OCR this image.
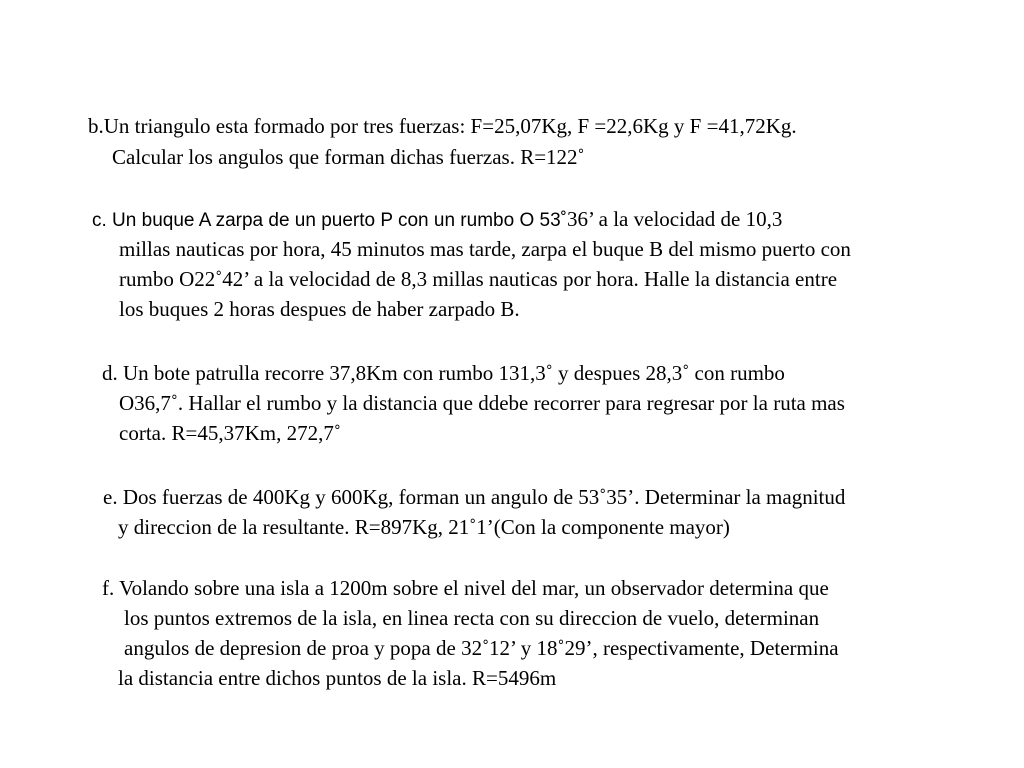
b.Un triangulo esta formado por tres fuerzas: F=25,07Kg, F =22,6Kg y F =41,72Kg.
Calcular los angulos que forman dichas fuerzas. R=122˚
c. Un buque A zarpa de un puerto P con un rumbo O 53˚36’ a la velocidad de 10,3
millas nauticas por hora, 45 minutos mas tarde, zarpa el buque B del mismo puerto con
rumbo O22˚42’ a la velocidad de 8,3 millas nauticas por hora. Halle la distancia entre
los buques 2 horas despues de haber zarpado B.
d. Un bote patrulla recorre 37,8Km con rumbo 131,3˚ y despues 28,3˚ con rumbo
O36,7˚. Hallar el rumbo y la distancia que ddebe recorrer para regresar por la ruta mas
corta. R=45,37Km, 272,7˚
e. Dos fuerzas de 400Kg y 600Kg, forman un angulo de 53˚35’. Determinar la magnitud
y direccion de la resultante. R=897Kg, 21˚1’(Con la componente mayor)
f. Volando sobre una isla a 1200m sobre el nivel del mar, un observador determina que
los puntos extremos de la isla, en linea recta con su direccion de vuelo, determinan
angulos de depresion de proa y popa de 32˚12’ y 18˚29’, respectivamente, Determina
la distancia entre dichos puntos de la isla. R=5496m
